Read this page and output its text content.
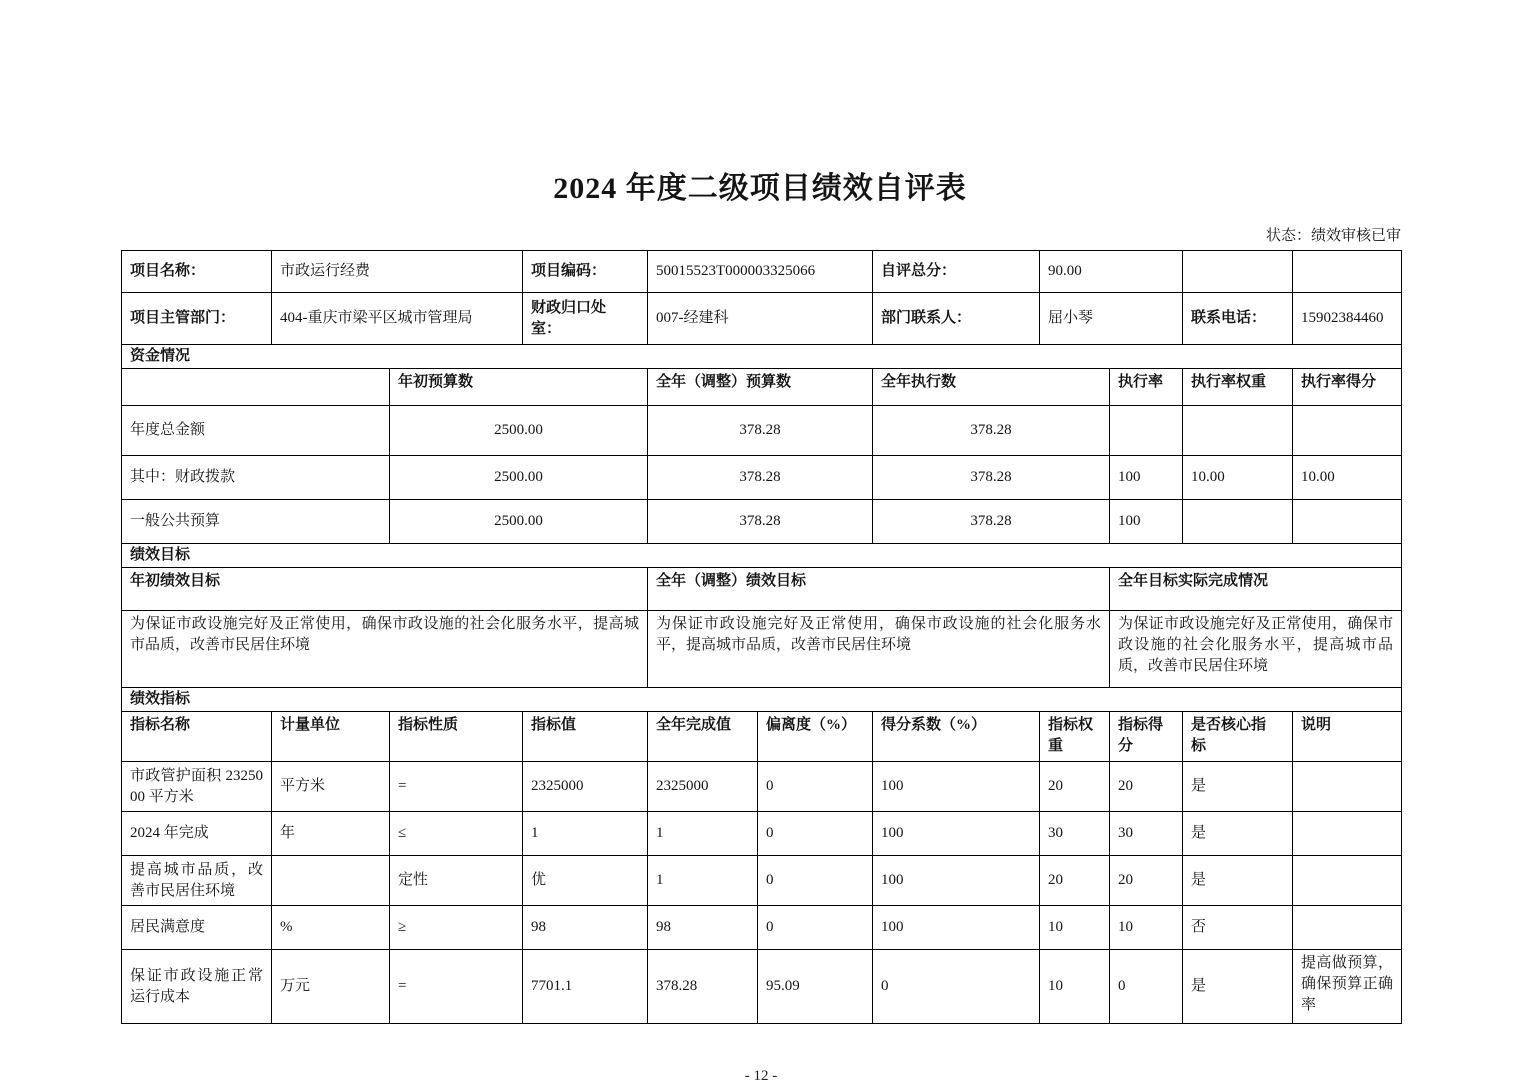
2024 年度二级项目绩效自评表
状态：绩效审核已审
项目名称：	市政运行经费		项目编码：	50015523T000003325066		自评总分：	90.00			
项目主管部门：	404-重庆市梁平区城市管理局		财政归口处室：	007-经建科		部门联系人：	屈小琴		联系电话：	15902384460
资金情况										
		年初预算数		全年（调整）预算数		全年执行数		执行率	执行率权重	执行率得分
年度总金额		2500.00		378.28		378.28				
其中：财政拨款		2500.00		378.28		378.28		100	10.00	10.00
一般公共预算		2500.00		378.28		378.28		100		
绩效目标										
年初绩效目标				全年（调整）绩效目标				全年目标实际完成情况		
为保证市政设施完好及正常使用，确保市政设施的社会化服务水平，提高城市品质，改善市民居住环境				为保证市政设施完好及正常使用，确保市政设施的社会化服务水平，提高城市品质，改善市民居住环境				为保证市政设施完好及正常使用，确保市政设施的社会化服务水平，提高城市品质，改善市民居住环境		
绩效指标										
指标名称	计量单位	指标性质	指标值	全年完成值	偏离度（%）	得分系数（%）	指标权重	指标得分	是否核心指标	说明
市政管护面积 2325000 平方米	平方米	=	2325000	2325000	0	100	20	20	是	
2024 年完成	年	≤	1	1	0	100	30	30	是	
提高城市品质，改善市民居住环境		定性	优	1	0	100	20	20	是	
居民满意度	%	≥	98	98	0	100	10	10	否	
保证市政设施正常运行成本	万元	=	7701.1	378.28	95.09	0	10	0	是	提高做预算，确保预算正确率
- 12 -
